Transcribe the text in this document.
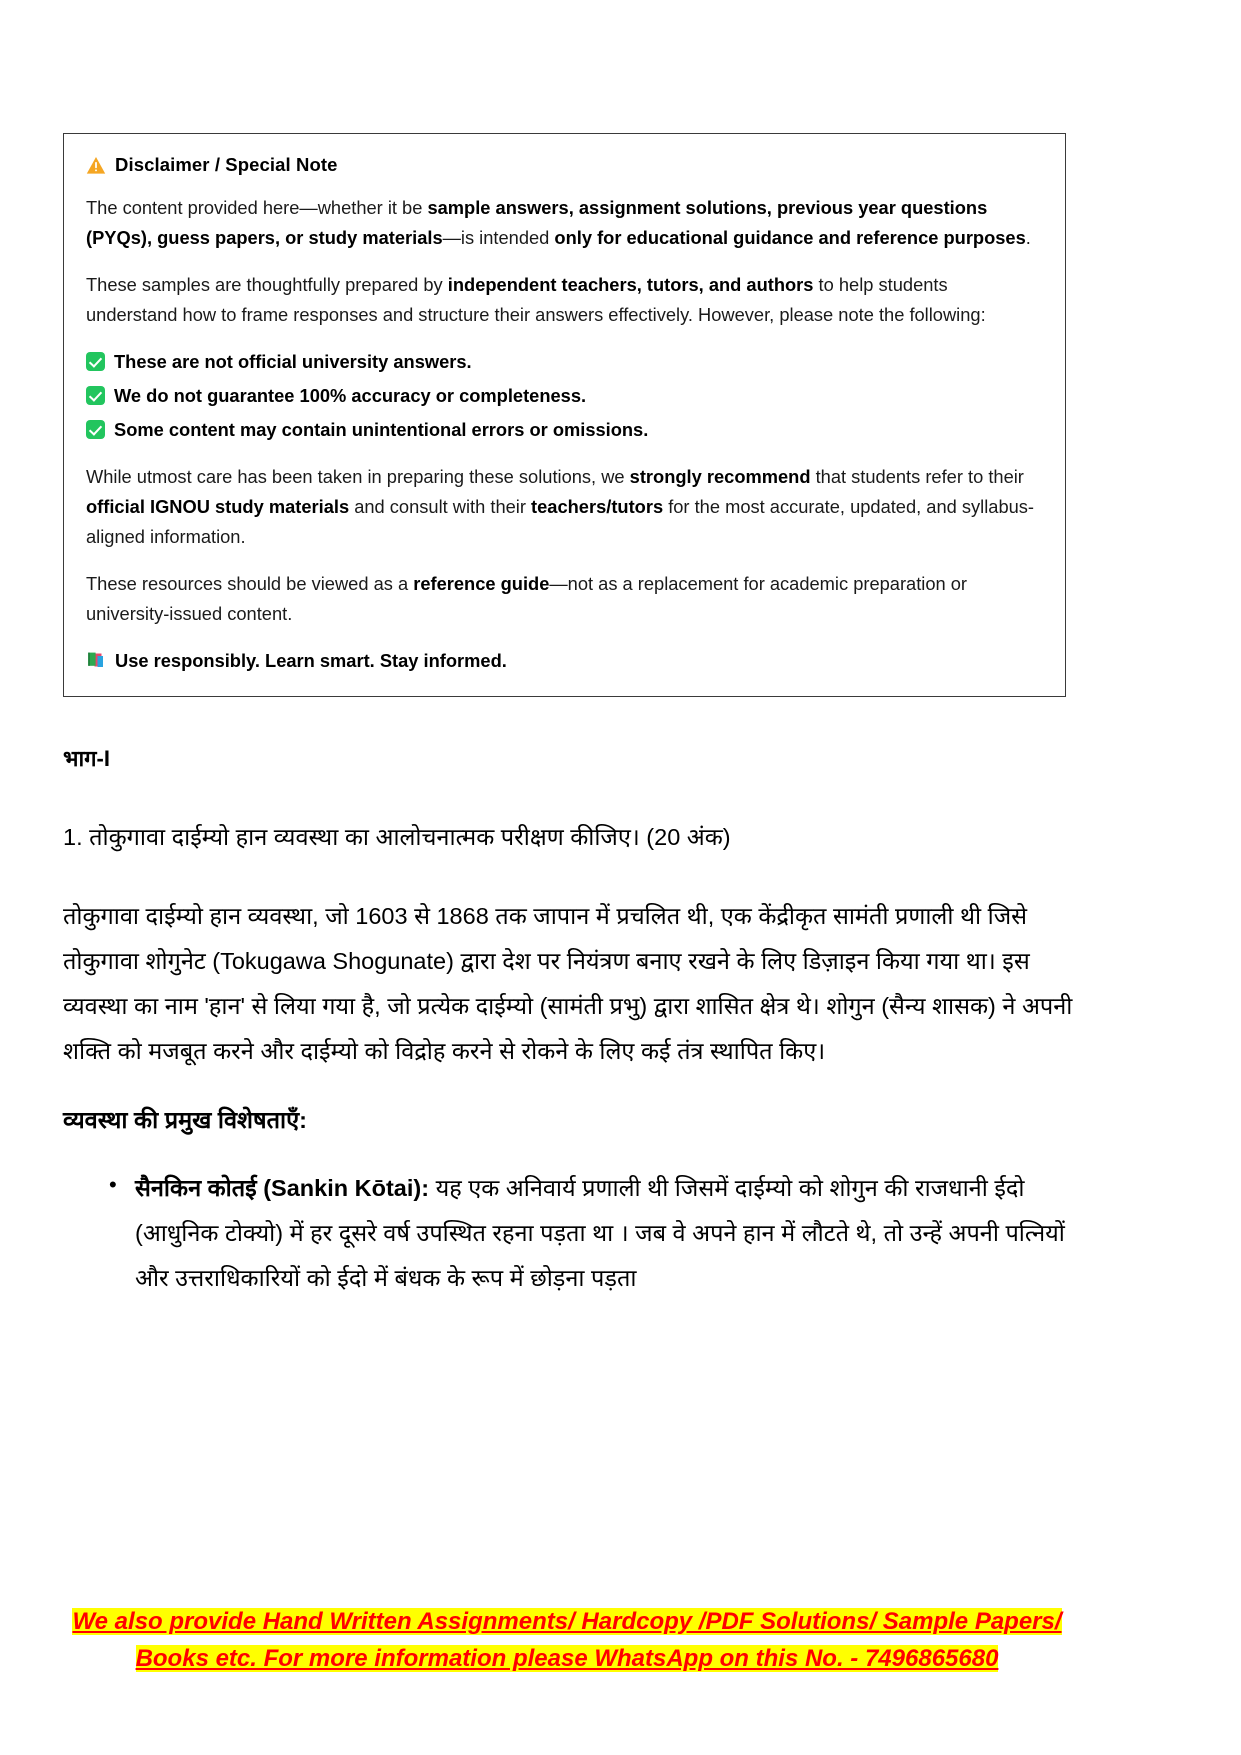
Disclaimer / Special Note

The content provided here—whether it be sample answers, assignment solutions, previous year questions (PYQs), guess papers, or study materials—is intended only for educational guidance and reference purposes.

These samples are thoughtfully prepared by independent teachers, tutors, and authors to help students understand how to frame responses and structure their answers effectively. However, please note the following:

These are not official university answers.
We do not guarantee 100% accuracy or completeness.
Some content may contain unintentional errors or omissions.

While utmost care has been taken in preparing these solutions, we strongly recommend that students refer to their official IGNOU study materials and consult with their teachers/tutors for the most accurate, updated, and syllabus-aligned information.

These resources should be viewed as a reference guide—not as a replacement for academic preparation or university-issued content.

Use responsibly. Learn smart. Stay informed.

भाग-I
1. तोकुगावा दाईम्यो हान व्यवस्था का आलोचनात्मक परीक्षण कीजिए। (20 अंक)
तोकुगावा दाईम्यो हान व्यवस्था, जो 1603 से 1868 तक जापान में प्रचलित थी, एक केंद्रीकृत सामंती प्रणाली थी जिसे तोकुगावा शोगुनेट (Tokugawa Shogunate) द्वारा देश पर नियंत्रण बनाए रखने के लिए डिज़ाइन किया गया था। इस व्यवस्था का नाम 'हान' से लिया गया है, जो प्रत्येक दाईम्यो (सामंती प्रभु) द्वारा शासित क्षेत्र थे। शोगुन (सैन्य शासक) ने अपनी शक्ति को मजबूत करने और दाईम्यो को विद्रोह करने से रोकने के लिए कई तंत्र स्थापित किए।
व्यवस्था की प्रमुख विशेषताएँ:
• सैनकिन कोतई (Sankin Kōtai): यह एक अनिवार्य प्रणाली थी जिसमें दाईम्यो को शोगुन की राजधानी ईदो (आधुनिक टोक्यो) में हर दूसरे वर्ष उपस्थित रहना पड़ता था । जब वे अपने हान में लौटते थे, तो उन्हें अपनी पत्नियों और उत्तराधिकारियों को ईदो में बंधक के रूप में छोड़ना पड़ता
We also provide Hand Written Assignments/ Hardcopy /PDF Solutions/ Sample Papers/
Books etc. For more information please WhatsApp on this No. - 7496865680
